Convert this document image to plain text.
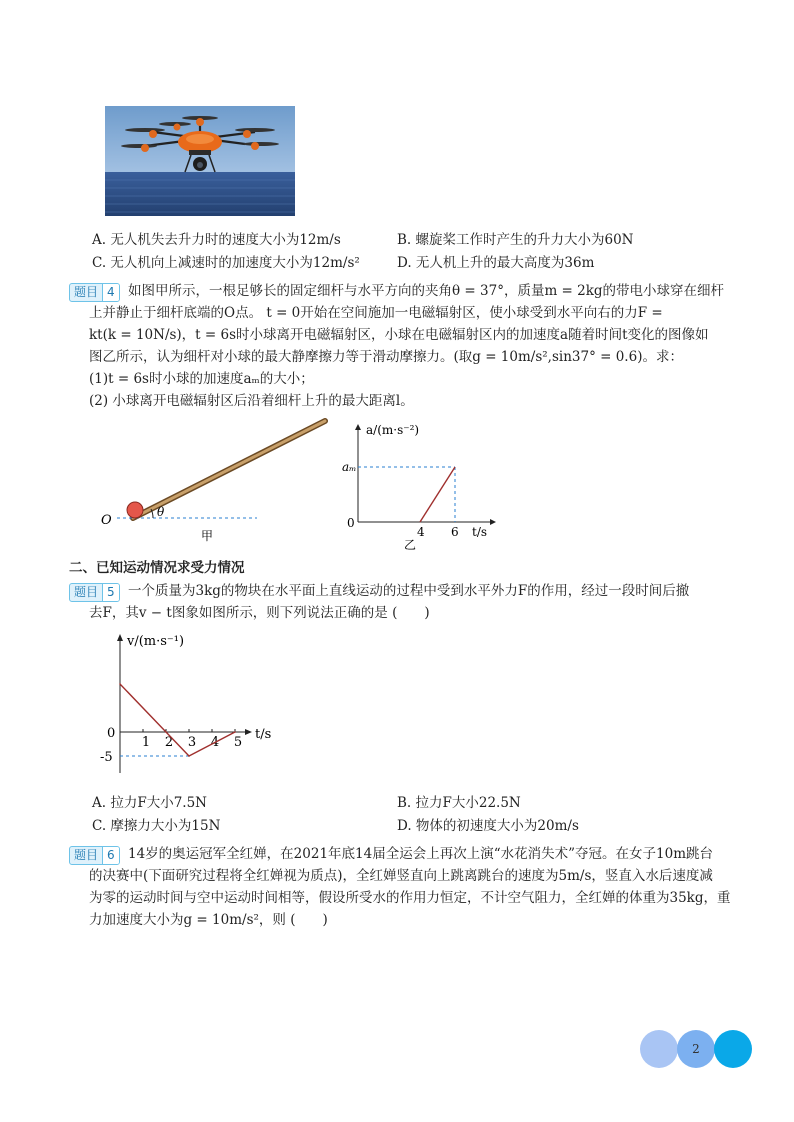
A. 无人机失去升力时的速度大小为12m/s	B. 螺旋桨工作时产生的升力大小为60N
C. 无人机向上减速时的加速度大小为12m/s²	D. 无人机上升的最大高度为36m
题目 4 如图甲所示，一根足够长的固定细杆与水平方向的夹角θ = 37°，质量m = 2kg的带电小球穿在细杆
上并静止于细杆底端的O点。 t = 0开始在空间施加一电磁辐射区，使小球受到水平向右的力F =
kt(k = 10N/s)，t = 6s时小球离开电磁辐射区，小球在电磁辐射区内的加速度a随着时间t变化的图像如
图乙所示，认为细杆对小球的最大静摩擦力等于滑动摩擦力。(取g = 10m/s²,sin37° = 0.6)。求：
(1)t = 6s时小球的加速度aₘ的大小；
(2) 小球离开电磁辐射区后沿着细杆上升的最大距离l。
O
θ
甲
a/(m·s⁻²)
aₘ
0
4 6 t/s
乙
二、已知运动情况求受力情况
题目 5 一个质量为3kg的物块在水平面上直线运动的过程中受到水平外力F的作用，经过一段时间后撤
去F，其v − t图象如图所示，则下列说法正确的是 (　　)
v/(m·s⁻¹)
t/s
1 2 3 4 5
0
-5
A. 拉力F大小7.5N	B. 拉力F大小22.5N
C. 摩擦力大小为15N	D. 物体的初速度大小为20m/s
题目 6 14岁的奥运冠军全红婵，在2021年底14届全运会上再次上演“水花消失术”夺冠。在女子10m跳台
的决赛中(下面研究过程将全红婵视为质点)，全红婵竖直向上跳离跳台的速度为5m/s，竖直入水后速度减
为零的运动时间与空中运动时间相等，假设所受水的作用力恒定，不计空气阻力，全红婵的体重为35kg，重
力加速度大小为g = 10m/s²，则 (　　)
2
